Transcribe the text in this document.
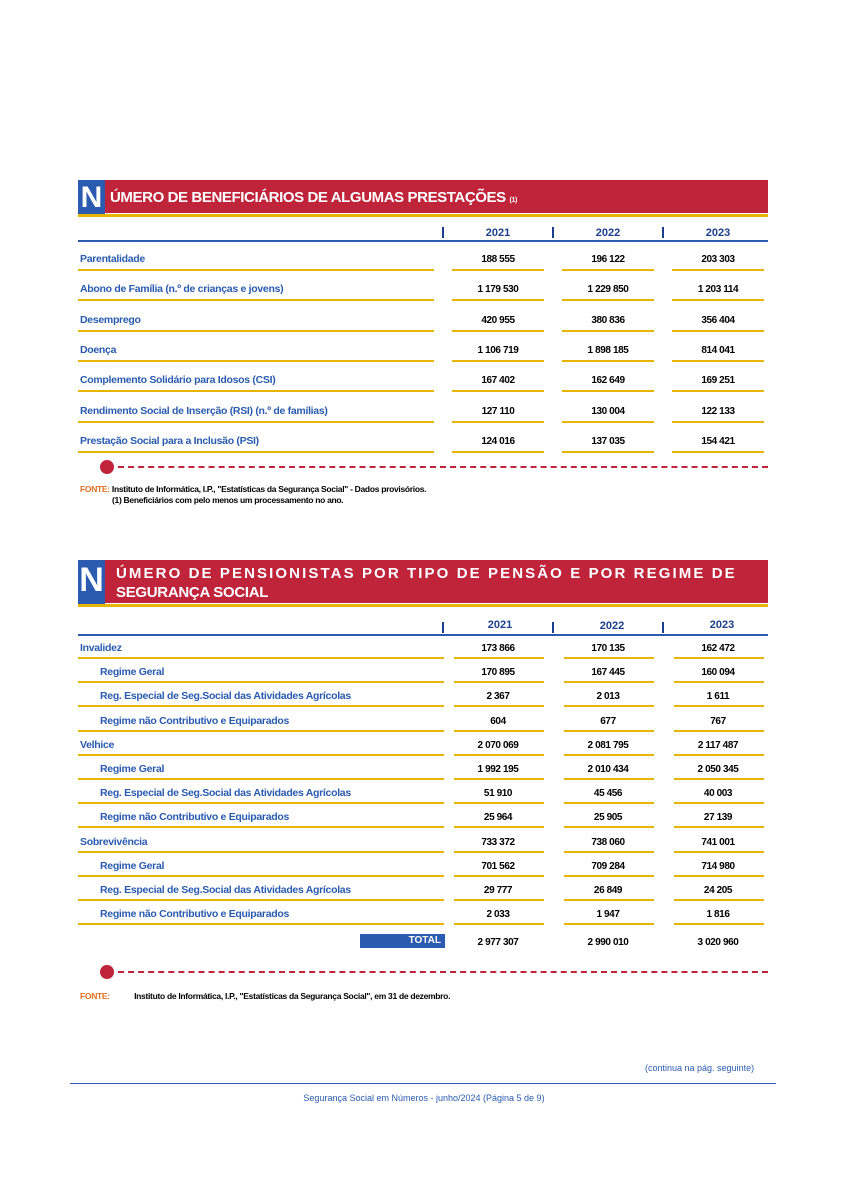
N ÚMERO DE BENEFICIÁRIOS DE ALGUMAS PRESTAÇÕES (1)
2021	2022	2023
Parentalidade	188 555	196 122	203 303
Abono de Família (n.º de crianças e jovens)	1 179 530	1 229 850	1 203 114
Desemprego	420 955	380 836	356 404
Doença	1 106 719	1 898 185	814 041
Complemento Solidário para Idosos (CSI)	167 402	162 649	169 251
Rendimento Social de Inserção (RSI) (n.º de famílias)	127 110	130 004	122 133
Prestação Social para a Inclusão (PSI)	124 016	137 035	154 421
FONTE: Instituto de Informática, I.P., "Estatísticas da Segurança Social" - Dados provisórios.
(1) Beneficiários com pelo menos um processamento no ano.
N ÚMERO DE PENSIONISTAS POR TIPO DE PENSÃO E POR REGIME DE
SEGURANÇA SOCIAL
2021	2022	2023
Invalidez	173 866	170 135	162 472
Regime Geral	170 895	167 445	160 094
Reg. Especial de Seg.Social das Atividades Agrícolas	2 367	2 013	1 611
Regime não Contributivo e Equiparados	604	677	767
Velhice	2 070 069	2 081 795	2 117 487
Regime Geral	1 992 195	2 010 434	2 050 345
Reg. Especial de Seg.Social das Atividades Agrícolas	51 910	45 456	40 003
Regime não Contributivo e Equiparados	25 964	25 905	27 139
Sobrevivência	733 372	738 060	741 001
Regime Geral	701 562	709 284	714 980
Reg. Especial de Seg.Social das Atividades Agrícolas	29 777	26 849	24 205
Regime não Contributivo e Equiparados	2 033	1 947	1 816
TOTAL	2 977 307	2 990 010	3 020 960
FONTE:	Instituto de Informática, I.P., "Estatísticas da Segurança Social", em 31 de dezembro.
(continua na pág. seguinte)
Segurança Social em Números - junho/2024 (Página 5 de 9)
